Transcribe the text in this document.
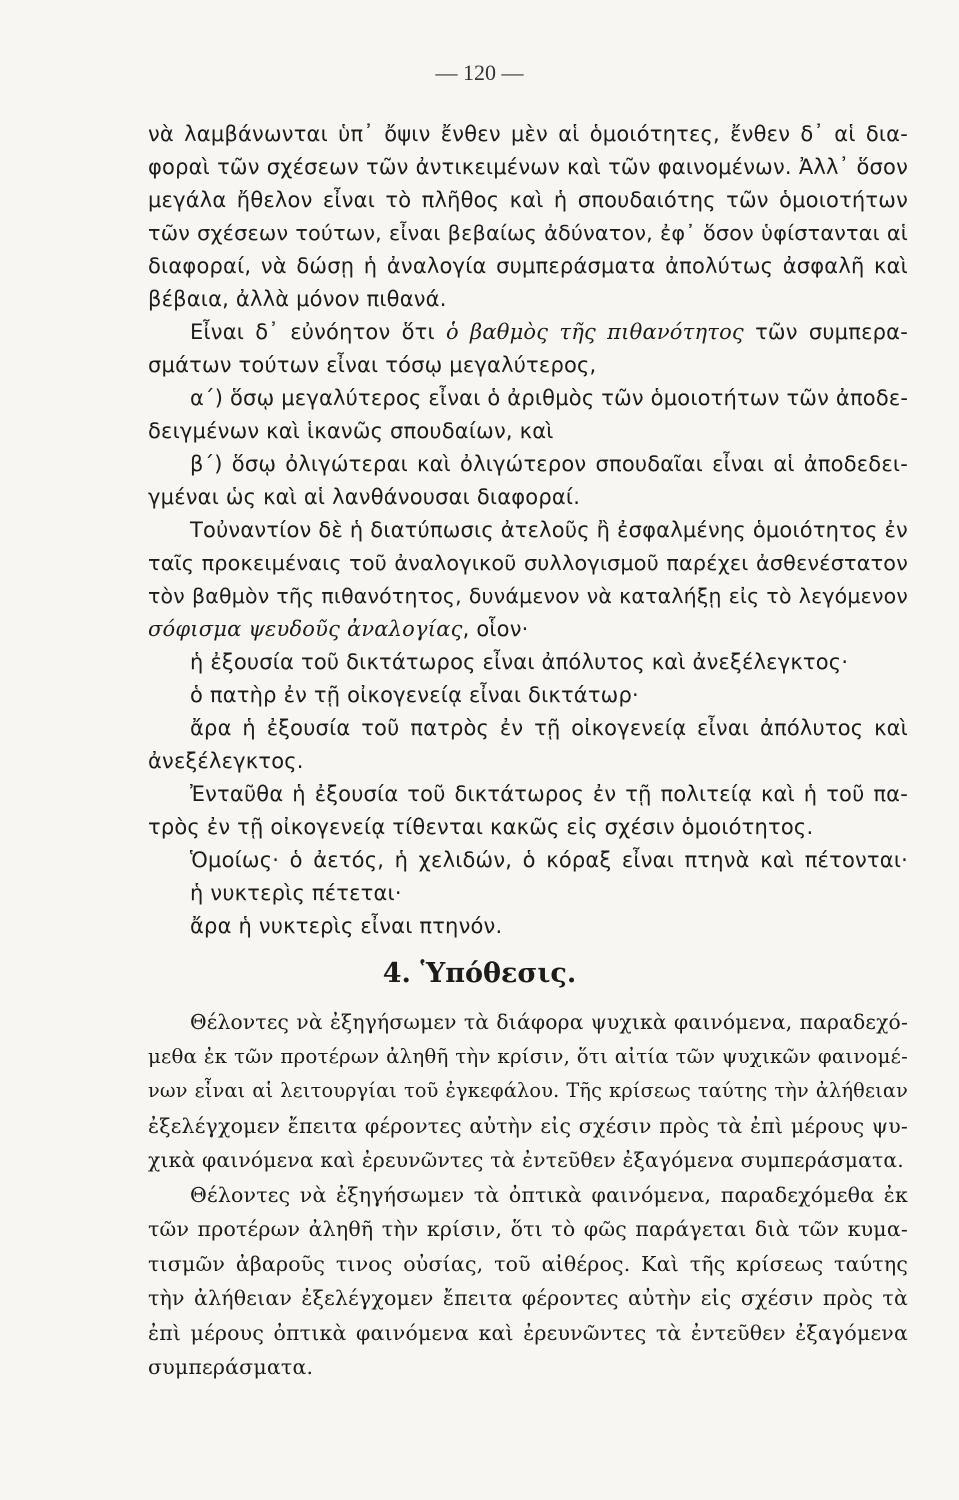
— 120 —
νὰ λαμβάνωνται ὑπ᾽ ὄψιν ἔνθεν μὲν αἱ ὁμοιότητες, ἔνθεν δ᾽ αἱ δια-
φοραὶ τῶν σχέσεων τῶν ἀντικειμένων καὶ τῶν φαινομένων. Ἀλλ᾽ ὅσον
μεγάλα ἤθελον εἶναι τὸ πλῆθος καὶ ἡ σπουδαιότης τῶν ὁμοιοτήτων
τῶν σχέσεων τούτων, εἶναι βεβαίως ἀδύνατον, ἐφ᾽ ὅσον ὑφίστανται αἱ
διαφοραί, νὰ δώσῃ ἡ ἀναλογία συμπεράσματα ἀπολύτως ἀσφαλῆ καὶ
βέβαια, ἀλλὰ μόνον πιθανά.
Εἶναι δ᾽ εὐνόητον ὅτι ὁ βαθμὸς τῆς πιθανότητος τῶν συμπερα-
σμάτων τούτων εἶναι τόσῳ μεγαλύτερος,
α´) ὅσῳ μεγαλύτερος εἶναι ὁ ἀριθμὸς τῶν ὁμοιοτήτων τῶν ἀποδε-
δειγμένων καὶ ἱκανῶς σπουδαίων, καὶ
β´) ὅσῳ ὀλιγώτεραι καὶ ὀλιγώτερον σπουδαῖαι εἶναι αἱ ἀποδεδει-
γμέναι ὡς καὶ αἱ λανθάνουσαι διαφοραί.
Τοὐναντίον δὲ ἡ διατύπωσις ἀτελοῦς ἢ ἐσφαλμένης ὁμοιότητος ἐν
ταῖς προκειμέναις τοῦ ἀναλογικοῦ συλλογισμοῦ παρέχει ἀσθενέστατον
τὸν βαθμὸν τῆς πιθανότητος, δυνάμενον νὰ καταλήξῃ εἰς τὸ λεγόμενον
σόφισμα ψευδοῦς ἀναλογίας, οἷον·
ἡ ἐξουσία τοῦ δικτάτωρος εἶναι ἀπόλυτος καὶ ἀνεξέλεγκτος·
ὁ πατὴρ ἐν τῇ οἰκογενείᾳ εἶναι δικτάτωρ·
ἄρα ἡ ἐξουσία τοῦ πατρὸς ἐν τῇ οἰκογενείᾳ εἶναι ἀπόλυτος καὶ
ἀνεξέλεγκτος.
Ἐνταῦθα ἡ ἐξουσία τοῦ δικτάτωρος ἐν τῇ πολιτείᾳ καὶ ἡ τοῦ πα-
τρὸς ἐν τῇ οἰκογενείᾳ τίθενται κακῶς εἰς σχέσιν ὁμοιότητος.
Ὁμοίως· ὁ ἀετός, ἡ χελιδών, ὁ κόραξ εἶναι πτηνὰ καὶ πέτονται·
ἡ νυκτερὶς πέτεται·
ἄρα ἡ νυκτερὶς εἶναι πτηνόν.
4. Ὑπόθεσις.
Θέλοντες νὰ ἐξηγήσωμεν τὰ διάφορα ψυχικὰ φαινόμενα, παραδεχό-
μεθα ἐκ τῶν προτέρων ἀληθῆ τὴν κρίσιν, ὅτι αἰτία τῶν ψυχικῶν φαινομέ-
νων εἶναι αἱ λειτουργίαι τοῦ ἐγκεφάλου. Τῆς κρίσεως ταύτης τὴν ἀλήθειαν
ἐξελέγχομεν ἔπειτα φέροντες αὐτὴν εἰς σχέσιν πρὸς τὰ ἐπὶ μέρους ψυ-
χικὰ φαινόμενα καὶ ἐρευνῶντες τὰ ἐντεῦθεν ἐξαγόμενα συμπεράσματα.
Θέλοντες νὰ ἐξηγήσωμεν τὰ ὀπτικὰ φαινόμενα, παραδεχόμεθα ἐκ
τῶν προτέρων ἀληθῆ τὴν κρίσιν, ὅτι τὸ φῶς παράγεται διὰ τῶν κυμα-
τισμῶν ἀβαροῦς τινος οὐσίας, τοῦ αἰθέρος. Καὶ τῆς κρίσεως ταύτης
τὴν ἀλήθειαν ἐξελέγχομεν ἔπειτα φέροντες αὐτὴν εἰς σχέσιν πρὸς τὰ
ἐπὶ μέρους ὀπτικὰ φαινόμενα καὶ ἐρευνῶντες τὰ ἐντεῦθεν ἐξαγόμενα
συμπεράσματα.
